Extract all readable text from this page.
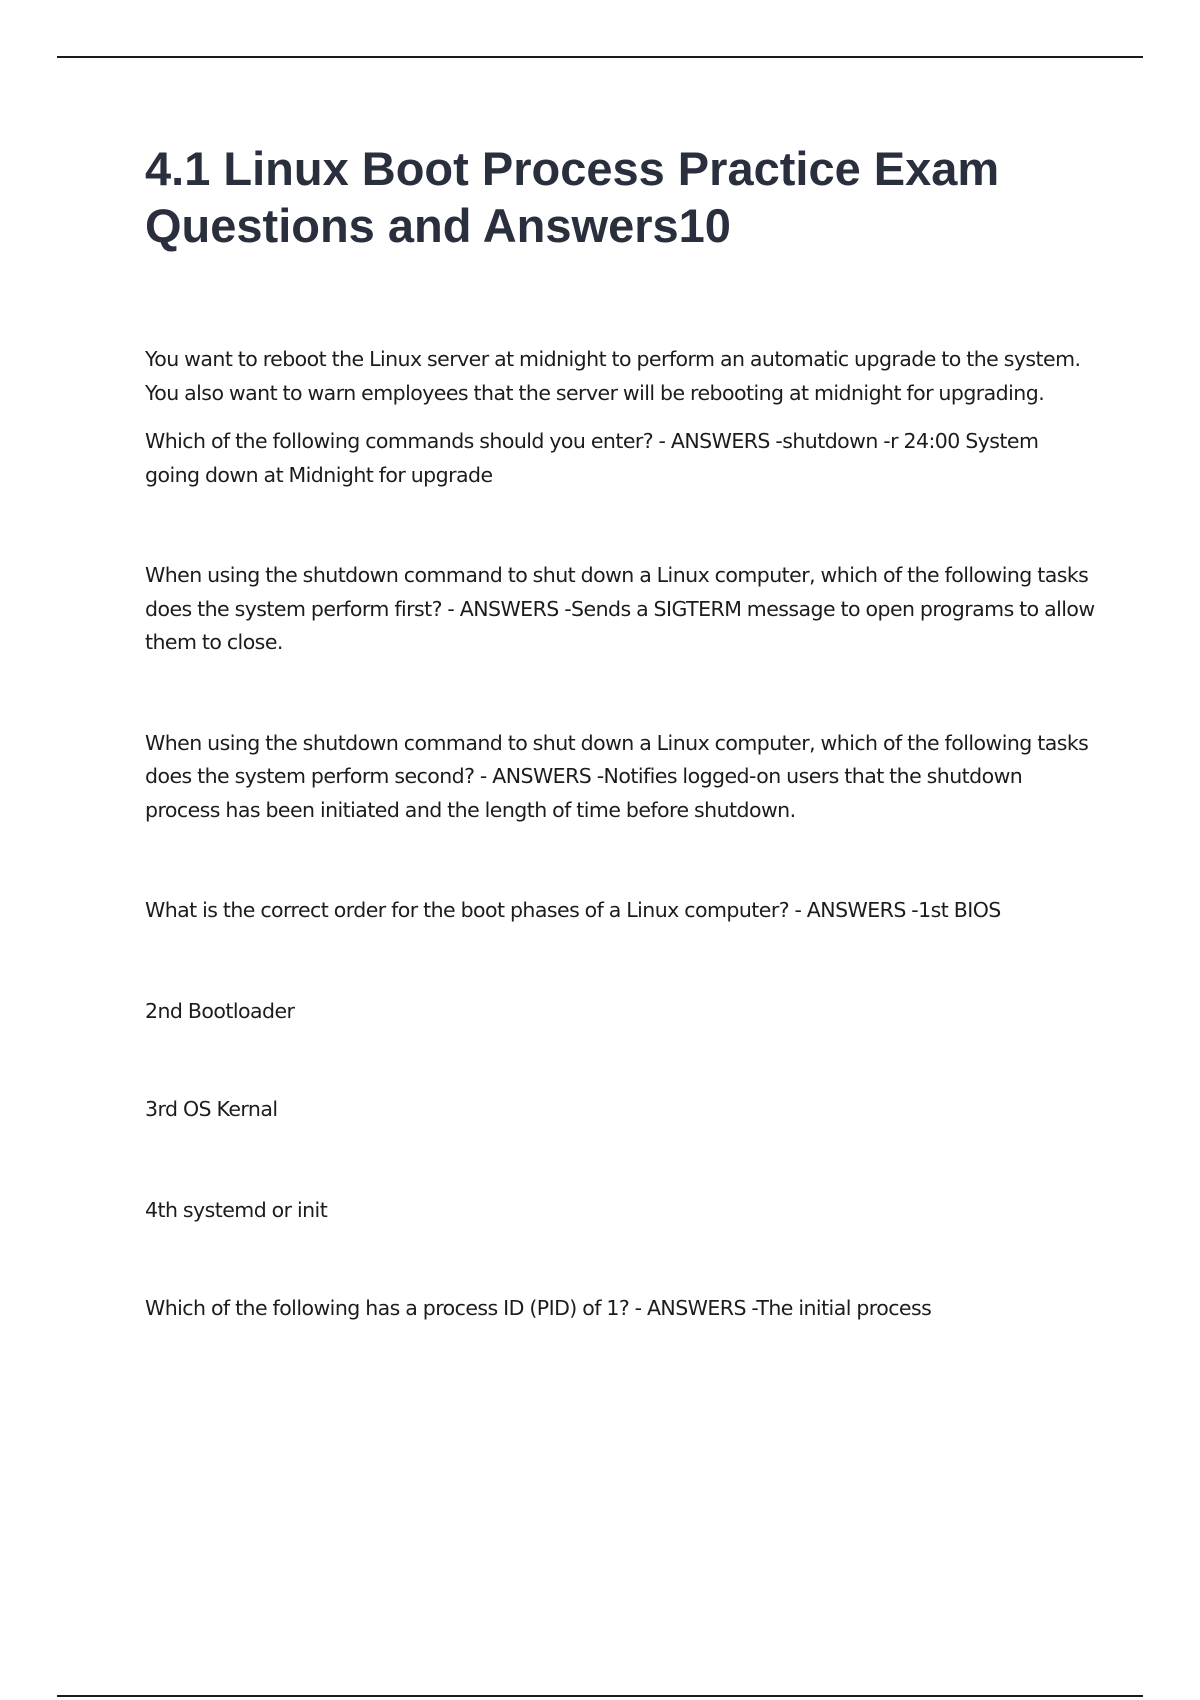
4.1 Linux Boot Process Practice Exam Questions and Answers10

You want to reboot the Linux server at midnight to perform an automatic upgrade to the system. You also want to warn employees that the server will be rebooting at midnight for upgrading.

Which of the following commands should you enter? - ANSWERS -shutdown -r 24:00 System going down at Midnight for upgrade

When using the shutdown command to shut down a Linux computer, which of the following tasks does the system perform first? - ANSWERS -Sends a SIGTERM message to open programs to allow them to close.

When using the shutdown command to shut down a Linux computer, which of the following tasks does the system perform second? - ANSWERS -Notifies logged-on users that the shutdown process has been initiated and the length of time before shutdown.

What is the correct order for the boot phases of a Linux computer? - ANSWERS -1st BIOS

2nd Bootloader

3rd OS Kernal

4th systemd or init

Which of the following has a process ID (PID) of 1? - ANSWERS -The initial process
